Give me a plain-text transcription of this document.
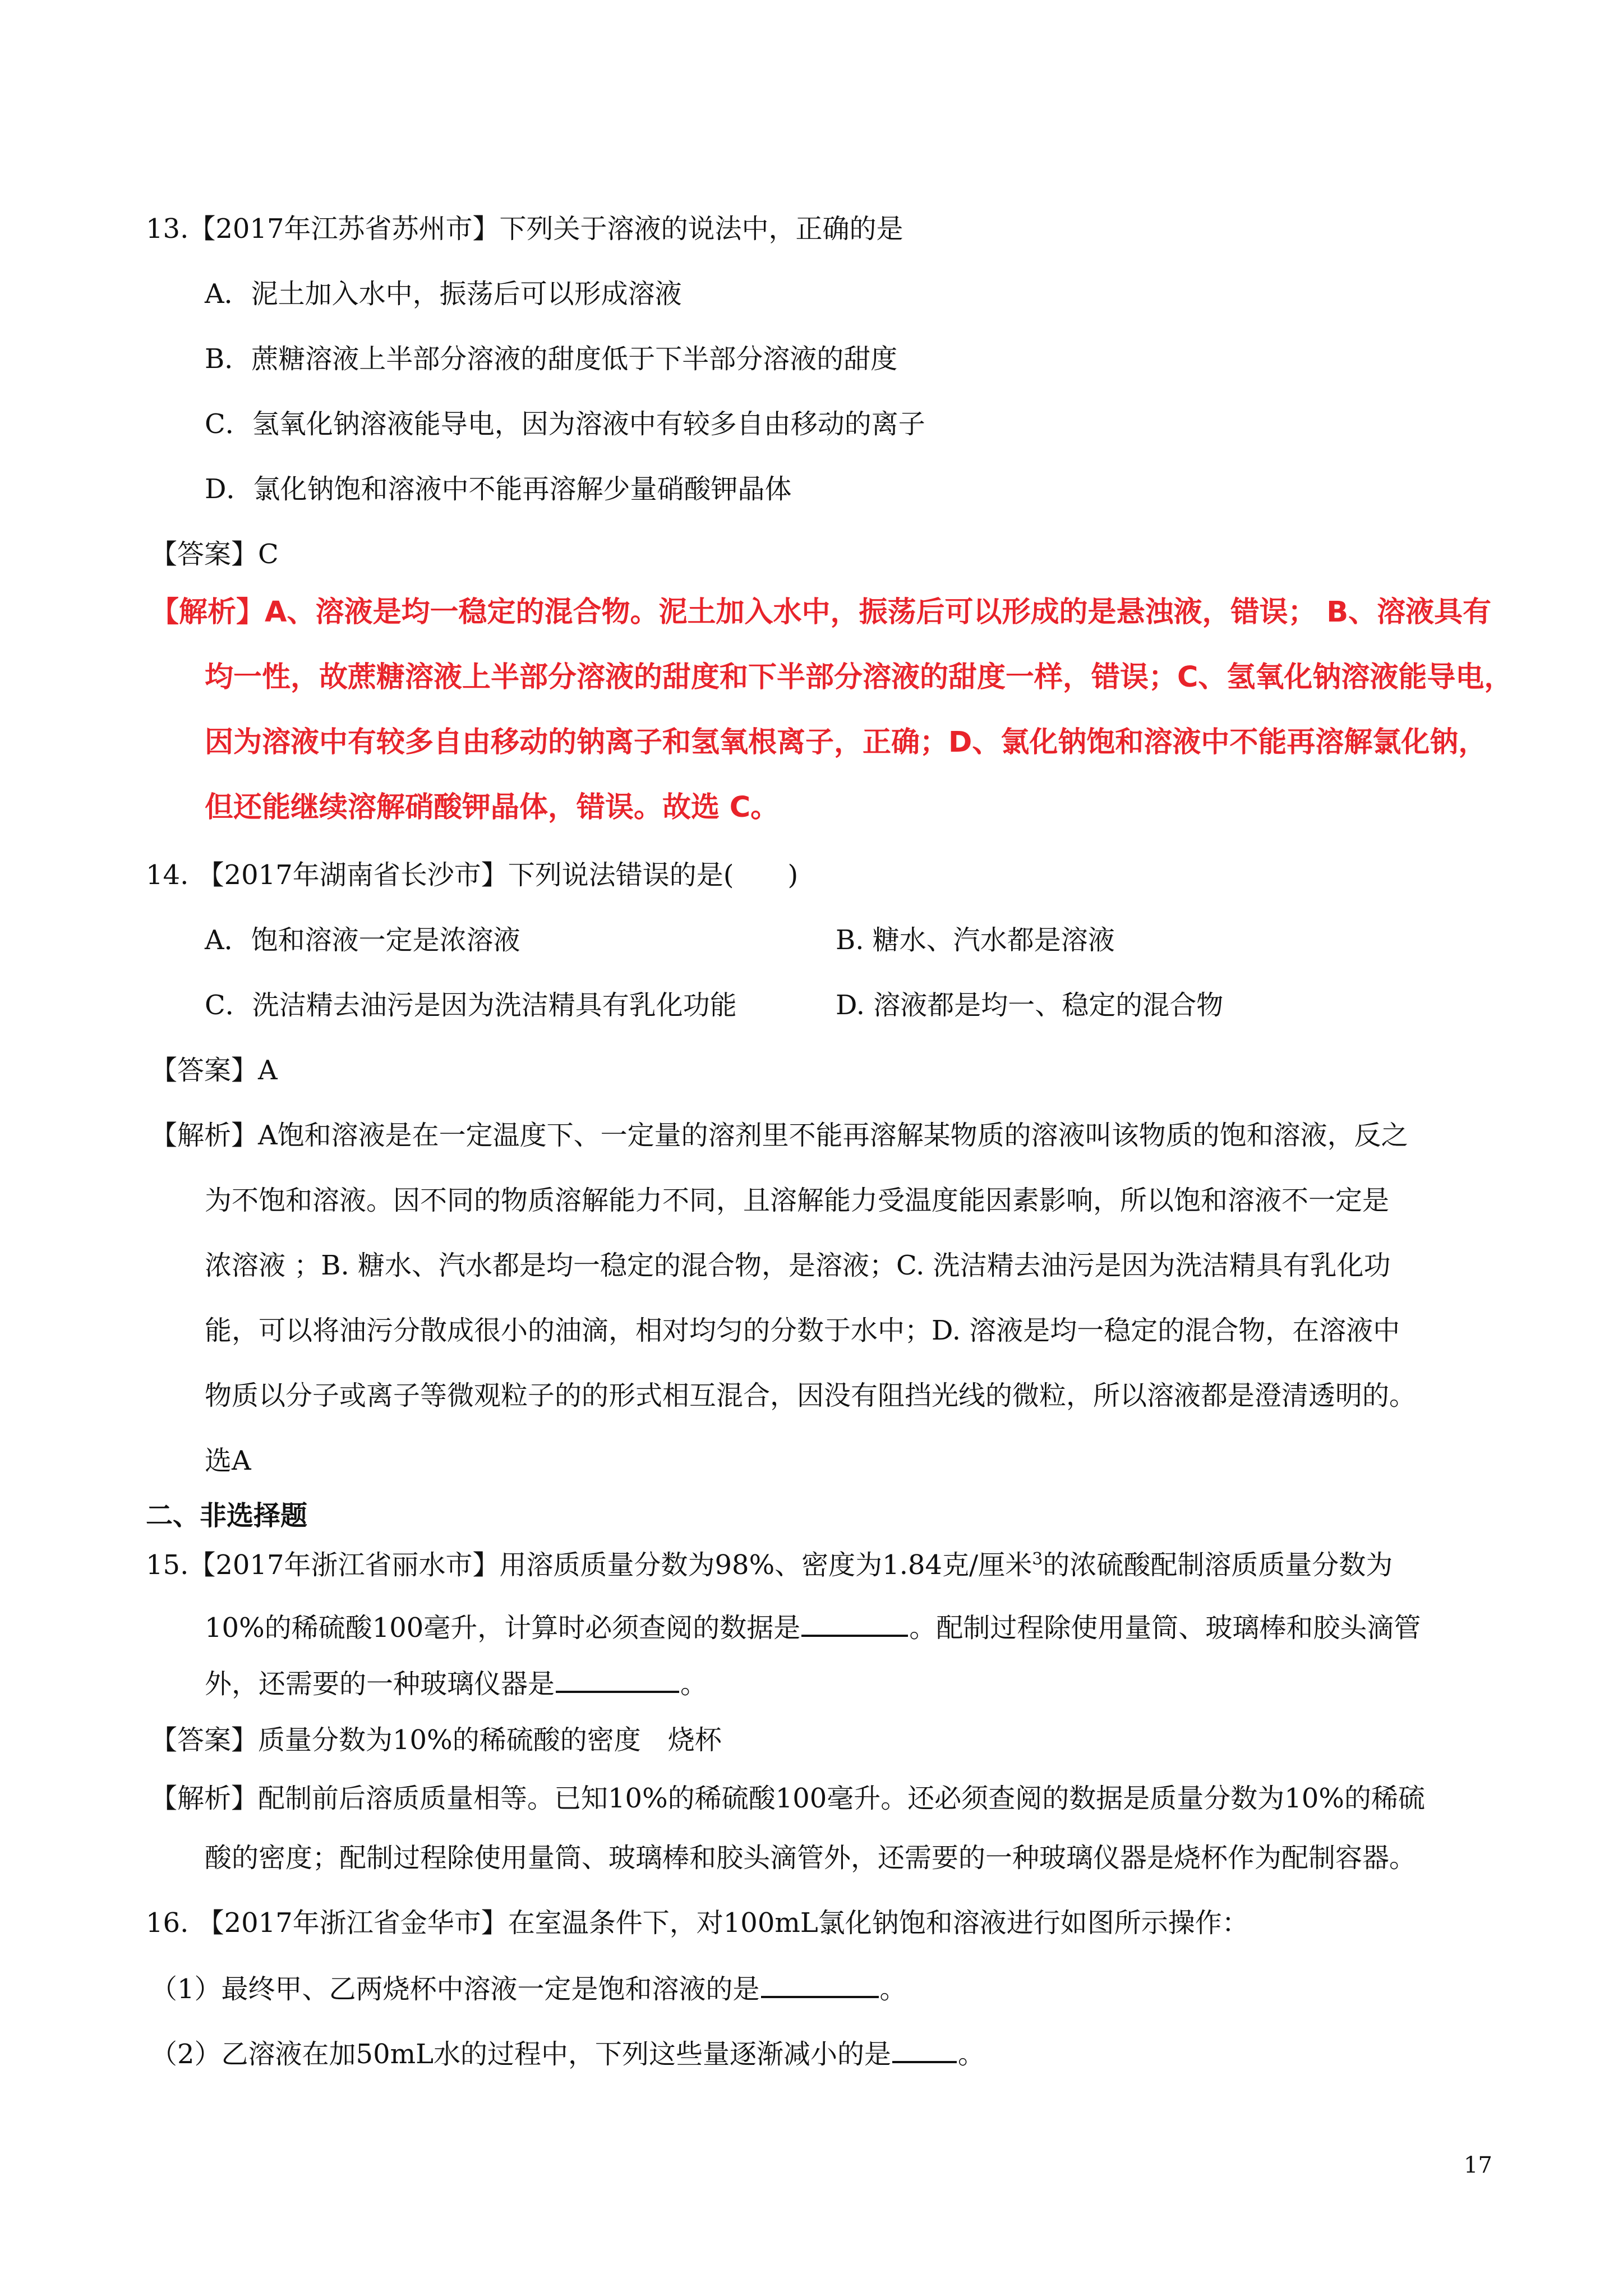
13.【2017年江苏省苏州市】下列关于溶液的说法中，正确的是
A．泥土加入水中，振荡后可以形成溶液
B．蔗糖溶液上半部分溶液的甜度低于下半部分溶液的甜度
C．氢氧化钠溶液能导电，因为溶液中有较多自由移动的离子
D．氯化钠饱和溶液中不能再溶解少量硝酸钾晶体
【答案】C
【解析】A、溶液是均一稳定的混合物。泥土加入水中，振荡后可以形成的是悬浊液，错误； B、溶液具有
均一性，故蔗糖溶液上半部分溶液的甜度和下半部分溶液的甜度一样，错误；C、氢氧化钠溶液能导电，
因为溶液中有较多自由移动的钠离子和氢氧根离子，正确；D、氯化钠饱和溶液中不能再溶解氯化钠，
但还能继续溶解硝酸钾晶体，错误。故选 C。
14. 【2017年湖南省长沙市】下列说法错误的是(　　)
A．饱和溶液一定是浓溶液	B. 糖水、汽水都是溶液
C．洗洁精去油污是因为洗洁精具有乳化功能	D. 溶液都是均一、稳定的混合物
【答案】A
【解析】A饱和溶液是在一定温度下、一定量的溶剂里不能再溶解某物质的溶液叫该物质的饱和溶液，反之
为不饱和溶液。因不同的物质溶解能力不同，且溶解能力受温度能因素影响，所以饱和溶液不一定是
浓溶液 ；B. 糖水、汽水都是均一稳定的混合物，是溶液；C. 洗洁精去油污是因为洗洁精具有乳化功
能，可以将油污分散成很小的油滴，相对均匀的分数于水中；D. 溶液是均一稳定的混合物，在溶液中
物质以分子或离子等微观粒子的的形式相互混合，因没有阻挡光线的微粒，所以溶液都是澄清透明的。
选A
二、非选择题
15.【2017年浙江省丽水市】用溶质质量分数为98%、密度为1.84克/厘米$^3$的浓硫酸配制溶质质量分数为
10%的稀硫酸100毫升，计算时必须查阅的数据是	。配制过程除使用量筒、玻璃棒和胶头滴管
外，还需要的一种玻璃仪器是	。
【答案】质量分数为10%的稀硫酸的密度　烧杯
【解析】配制前后溶质质量相等。已知10%的稀硫酸100毫升。还必须查阅的数据是质量分数为10%的稀硫
酸的密度；配制过程除使用量筒、玻璃棒和胶头滴管外，还需要的一种玻璃仪器是烧杯作为配制容器。
16. 【2017年浙江省金华市】在室温条件下，对100mL氯化钠饱和溶液进行如图所示操作：
（1）最终甲、乙两烧杯中溶液一定是饱和溶液的是	。
（2）乙溶液在加50mL水的过程中，下列这些量逐渐减小的是 。
17
